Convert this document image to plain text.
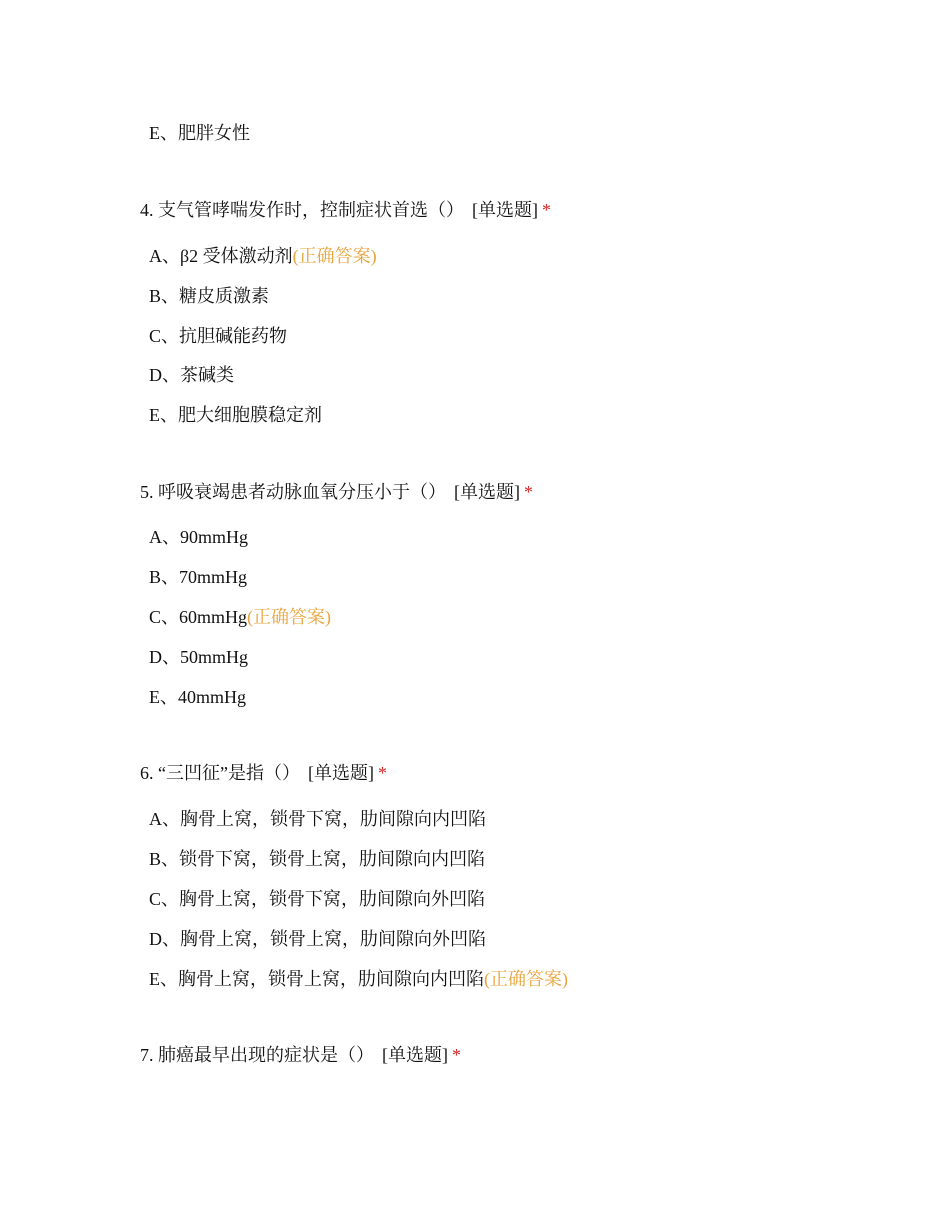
E、肥胖女性
4. 支气管哮喘发作时，控制症状首选（） [单选题] *
A、β2 受体激动剂(正确答案)
B、糖皮质激素
C、抗胆碱能药物
D、茶碱类
E、肥大细胞膜稳定剂
5. 呼吸衰竭患者动脉血氧分压小于（） [单选题] *
A、90mmHg
B、70mmHg
C、60mmHg(正确答案)
D、50mmHg
E、40mmHg
6. “三凹征”是指（） [单选题] *
A、胸骨上窝，锁骨下窝，肋间隙向内凹陷
B、锁骨下窝，锁骨上窝，肋间隙向内凹陷
C、胸骨上窝，锁骨下窝，肋间隙向外凹陷
D、胸骨上窝，锁骨上窝，肋间隙向外凹陷
E、胸骨上窝，锁骨上窝，肋间隙向内凹陷(正确答案)
7. 肺癌最早出现的症状是（） [单选题] *
